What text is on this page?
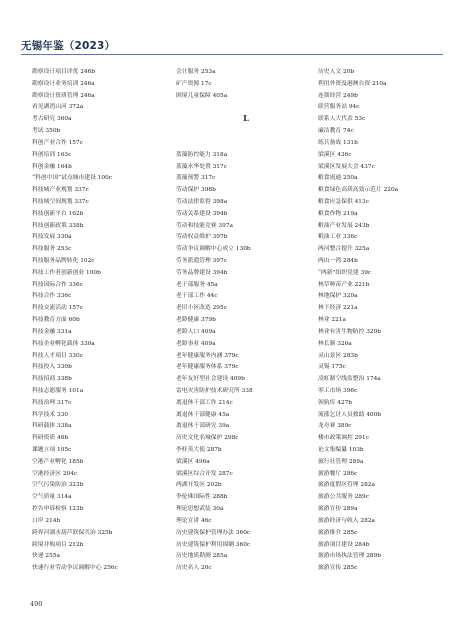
无锡年鉴（2023）
勘察设计项目评优 246b
勘察设计业务培训 246a
勘察设计资质管理 246a
看见湖湾山河 372a
考古研究 360a
考试 350b
科创产业合作 157c
科创培训 163c
科创金融 164b
“科创中国”试点城市建设 100c
科技城产业规划 337c
科技城空间规划 337c
科技创新平台 162b
科技创新政策 338b
科技发展 330a
科技服务 253c
科技服务品牌转化 102c
科技工作者创新创业 100b
科技国际合作 336c
科技合作 336c
科技交流活动 157c
科技教育方面 60b
科技金融 331a
科技企业孵化载体 330a
科技人才项目 330c
科技投入 330b
科技招商 338b
科技志愿服务 101a
科技治理 317c
科学技术 330
科研载体 338a
科研资质 46b
课题立项 105c
空港产业孵化 185b
空港经济区 204c
空气污染防治 323b
空气质量 314a
控告申诉检察 123b
口岸 214b
跨界河湖水葫芦联保共治 325b
跨境并购项目 212b
快递 255a
快速行业劳动争议调解中心 256c
会计服务 253a
矿产资源 17c
困境儿童保障 405a
L
蓝藻防控能力 318a
蓝藻水华处置 317c
蓝藻预警 317c
劳动保护 398b
劳动法律监督 398a
劳动关系建设 394b
劳动和技能竞赛 397a
劳动权益维护 397b
劳动争议调解中心成立 130b
劳务派遣管理 397c
劳务品牌建设 394b
老干部服务 45a
老干部工作 44c
老旧小区改造 295c
老龄健康 379b
老龄人口 409a
老龄事业 409a
老年健康服务内涵 379c
老年健康服务体系 379c
老年友好型社会建设 409b
雷电灾害防护技术研究所 338
离退休干部工作 214c
离退休干部健康 45a
离退休干部研究 39a
历史文化名城保护 298c
李桂英大使 287b
梁溪区 496a
梁溪区综合开发 287c
两湖开发区 202b
李伦珠国际性 288b
理论思想武装 30a
理论宣讲 46c
历史建筑保护管理办法 360c
历史建筑保护利用围剿 360c
历史地质勘测 285a
历史名人 20c
历史人文 20b
利用外资及港澳台资 210a
连锁经营 249b
联营服务站 94c
联系人大代表 53c
廉洁教育 74c
练兵备战 131b
梁溪区 436c
梁溪区发展大会 437c
粮食流通 250a
粮食绿色高质高效示范片 220a
粮食应急保供 413c
粮食作物 219a
粮油产业发展 243b
粮油工业 336c
两河整合提升 325a
两山一湾 284b
“两新”组织党建 39c
林草种苗产业 221b
林地保护 320a
林下经济 221a
林业 221a
林业有害生物防控 320b
林长制 320a
灵山景区 283b
灵锡 175c
凌虹制空线监整治 174a
零工市场 396c
领航库 427b
流涨乞讨人员救助 400b
龙舟赛 389c
楼市政策调控 291c
论文集编纂 103b
旅行社管理 289a
旅游餐厅 286c
旅游度假区管理 282a
旅游公共服务 289c
旅游宣传 289a
旅游经济与收入 282a
旅游推介 285c
旅游项目建设 284b
旅游市场执法管理 289b
旅游宣传 285c
490
